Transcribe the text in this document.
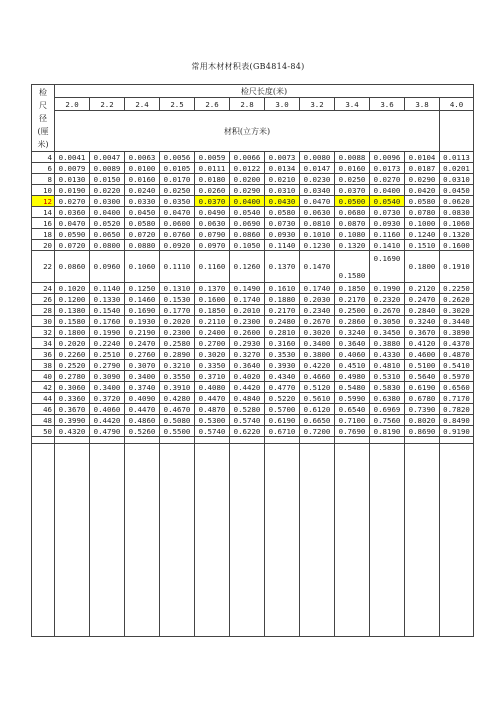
常用木材材积表(GB4814-84)
检
尺
径
(厘
米)	检尺长度(米)											
	2.0	2.2	2.4	2.5	2.6	2.8	3.0	3.2	3.4	3.6	3.8	4.0
	材积(立方米)											
4	0.0041	0.0047	0.0063	0.0056	0.0059	0.0066	0.0073	0.0080	0.0088	0.0096	0.0104	0.0113
6	0.0079	0.0089	0.0100	0.0105	0.0111	0.0122	0.0134	0.0147	0.0160	0.0173	0.0187	0.0201
8	0.0130	0.0150	0.0160	0.0170	0.0180	0.0200	0.0210	0.0230	0.0250	0.0270	0.0290	0.0310
10	0.0190	0.0220	0.0240	0.0250	0.0260	0.0290	0.0310	0.0340	0.0370	0.0400	0.0420	0.0450
12	0.0270	0.0300	0.0330	0.0350	0.0370	0.0400	0.0430	0.0470	0.0500	0.0540	0.0580	0.0620
14	0.0360	0.0400	0.0450	0.0470	0.0490	0.0540	0.0580	0.0630	0.0680	0.0730	0.0780	0.0830
16	0.0470	0.0520	0.0580	0.0600	0.0630	0.0690	0.0730	0.0810	0.0870	0.0930	0.1000	0.1060
18	0.0590	0.0650	0.0720	0.0760	0.0790	0.0860	0.0930	0.1010	0.1080	0.1160	0.1240	0.1320
20	0.0720	0.0800	0.0880	0.0920	0.0970	0.1050	0.1140	0.1230	0.1320	0.1410	0.1510	0.1600
22	0.0860	0.0960	0.1060	0.1110	0.1160	0.1260	0.1370	0.1470	0.1580	0.1690	0.1800	0.1910
24	0.1020	0.1140	0.1250	0.1310	0.1370	0.1490	0.1610	0.1740	0.1850	0.1990	0.2120	0.2250
26	0.1200	0.1330	0.1460	0.1530	0.1600	0.1740	0.1880	0.2030	0.2170	0.2320	0.2470	0.2620
28	0.1380	0.1540	0.1690	0.1770	0.1850	0.2010	0.2170	0.2340	0.2500	0.2670	0.2840	0.3020
30	0.1580	0.1760	0.1930	0.2020	0.2110	0.2300	0.2480	0.2670	0.2860	0.3050	0.3240	0.3440
32	0.1800	0.1990	0.2190	0.2300	0.2400	0.2600	0.2810	0.3020	0.3240	0.3450	0.3670	0.3890
34	0.2020	0.2240	0.2470	0.2580	0.2700	0.2930	0.3160	0.3400	0.3640	0.3880	0.4120	0.4370
36	0.2260	0.2510	0.2760	0.2890	0.3020	0.3270	0.3530	0.3800	0.4060	0.4330	0.4600	0.4870
38	0.2520	0.2790	0.3070	0.3210	0.3350	0.3640	0.3930	0.4220	0.4510	0.4810	0.5100	0.5410
40	0.2780	0.3090	0.3400	0.3550	0.3710	0.4020	0.4340	0.4660	0.4980	0.5310	0.5640	0.5970
42	0.3060	0.3400	0.3740	0.3910	0.4080	0.4420	0.4770	0.5120	0.5480	0.5830	0.6190	0.6560
44	0.3360	0.3720	0.4090	0.4280	0.4470	0.4840	0.5220	0.5610	0.5990	0.6380	0.6780	0.7170
46	0.3670	0.4060	0.4470	0.4670	0.4870	0.5280	0.5700	0.6120	0.6540	0.6969	0.7390	0.7820
48	0.3990	0.4420	0.4860	0.5080	0.5300	0.5740	0.6190	0.6650	0.7100	0.7560	0.8020	0.8490
50	0.4320	0.4790	0.5260	0.5500	0.5740	0.6220	0.6710	0.7200	0.7690	0.8190	0.8690	0.9190
